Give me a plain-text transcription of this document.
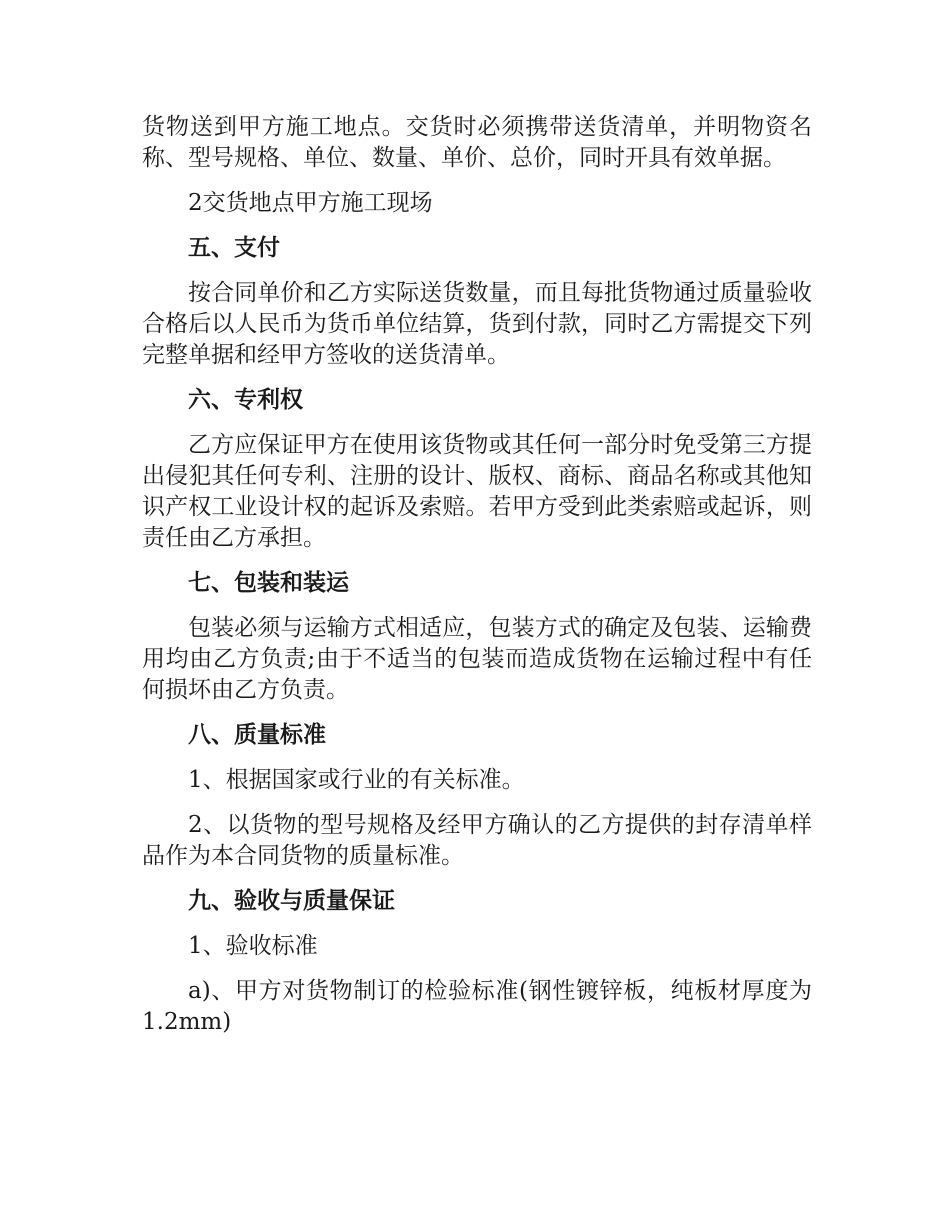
货物送到甲方施工地点。交货时必须携带送货清单，并明物资名称、型号规格、单位、数量、单价、总价，同时开具有效单据。

2交货地点甲方施工现场

五、支付

按合同单价和乙方实际送货数量，而且每批货物通过质量验收合格后以人民币为货币单位结算，货到付款，同时乙方需提交下列完整单据和经甲方签收的送货清单。

六、专利权

乙方应保证甲方在使用该货物或其任何一部分时免受第三方提出侵犯其任何专利、注册的设计、版权、商标、商品名称或其他知识产权工业设计权的起诉及索赔。若甲方受到此类索赔或起诉，则责任由乙方承担。

七、包装和装运

包装必须与运输方式相适应，包装方式的确定及包装、运输费用均由乙方负责;由于不适当的包装而造成货物在运输过程中有任何损坏由乙方负责。

八、质量标准

1、根据国家或行业的有关标准。

2、以货物的型号规格及经甲方确认的乙方提供的封存清单样品作为本合同货物的质量标准。

九、验收与质量保证

1、验收标准

a)、甲方对货物制订的检验标准(钢性镀锌板，纯板材厚度为1.2mm)
